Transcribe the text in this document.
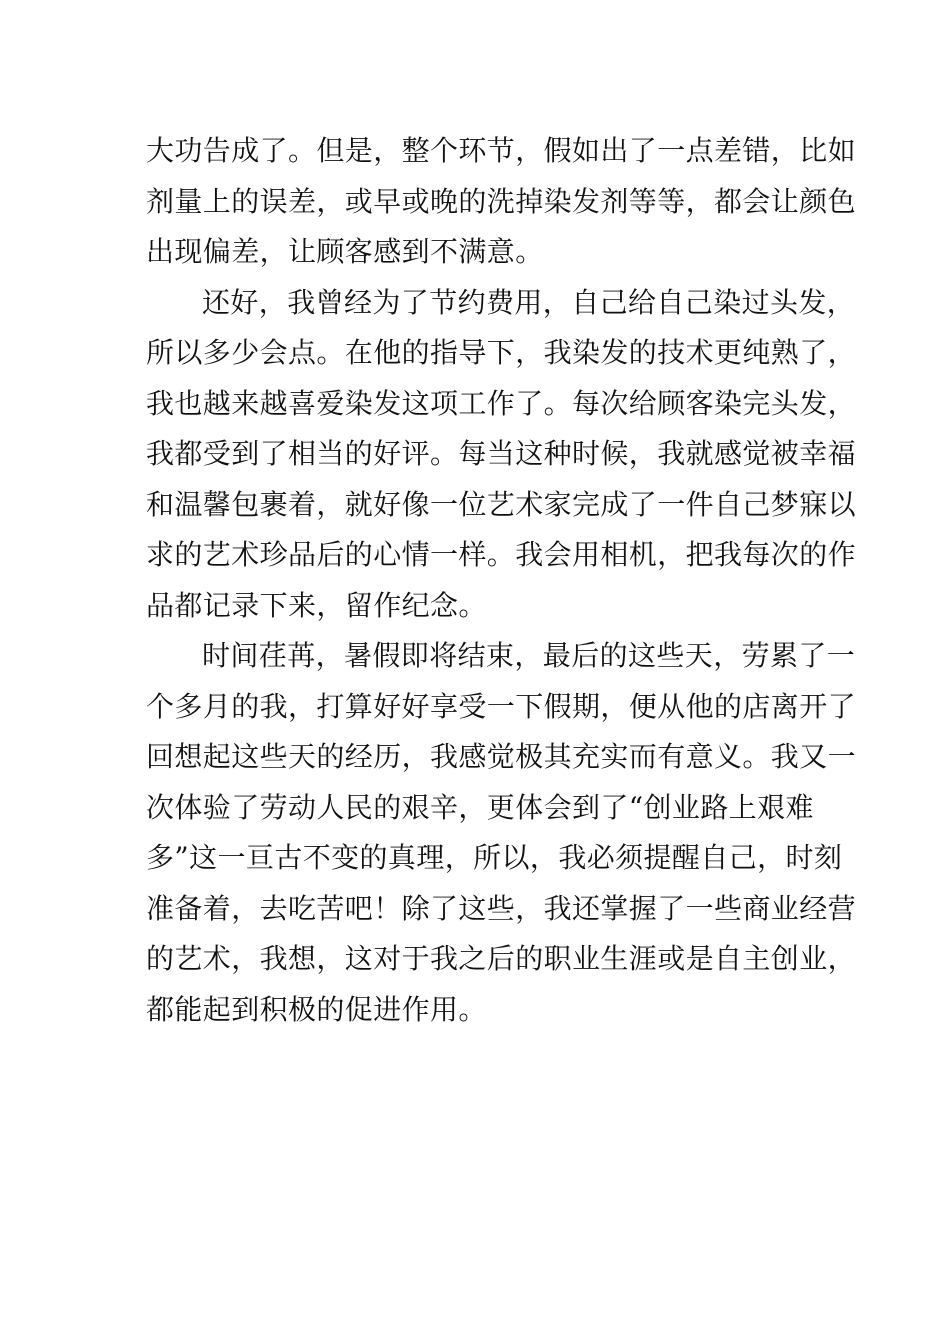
大功告成了。但是，整个环节，假如出了一点差错，比如
剂量上的误差，或早或晚的洗掉染发剂等等，都会让颜色
出现偏差，让顾客感到不满意。
还好，我曾经为了节约费用，自己给自己染过头发，
所以多少会点。在他的指导下，我染发的技术更纯熟了，
我也越来越喜爱染发这项工作了。每次给顾客染完头发，
我都受到了相当的好评。每当这种时候，我就感觉被幸福
和温馨包裹着，就好像一位艺术家完成了一件自己梦寐以
求的艺术珍品后的心情一样。我会用相机，把我每次的作
品都记录下来，留作纪念。
时间荏苒，暑假即将结束，最后的这些天，劳累了一
个多月的我，打算好好享受一下假期，便从他的店离开了
回想起这些天的经历，我感觉极其充实而有意义。我又一
次体验了劳动人民的艰辛，更体会到了“创业路上艰难
多”这一亘古不变的真理，所以，我必须提醒自己，时刻
准备着，去吃苦吧！除了这些，我还掌握了一些商业经营
的艺术，我想，这对于我之后的职业生涯或是自主创业，
都能起到积极的促进作用。
